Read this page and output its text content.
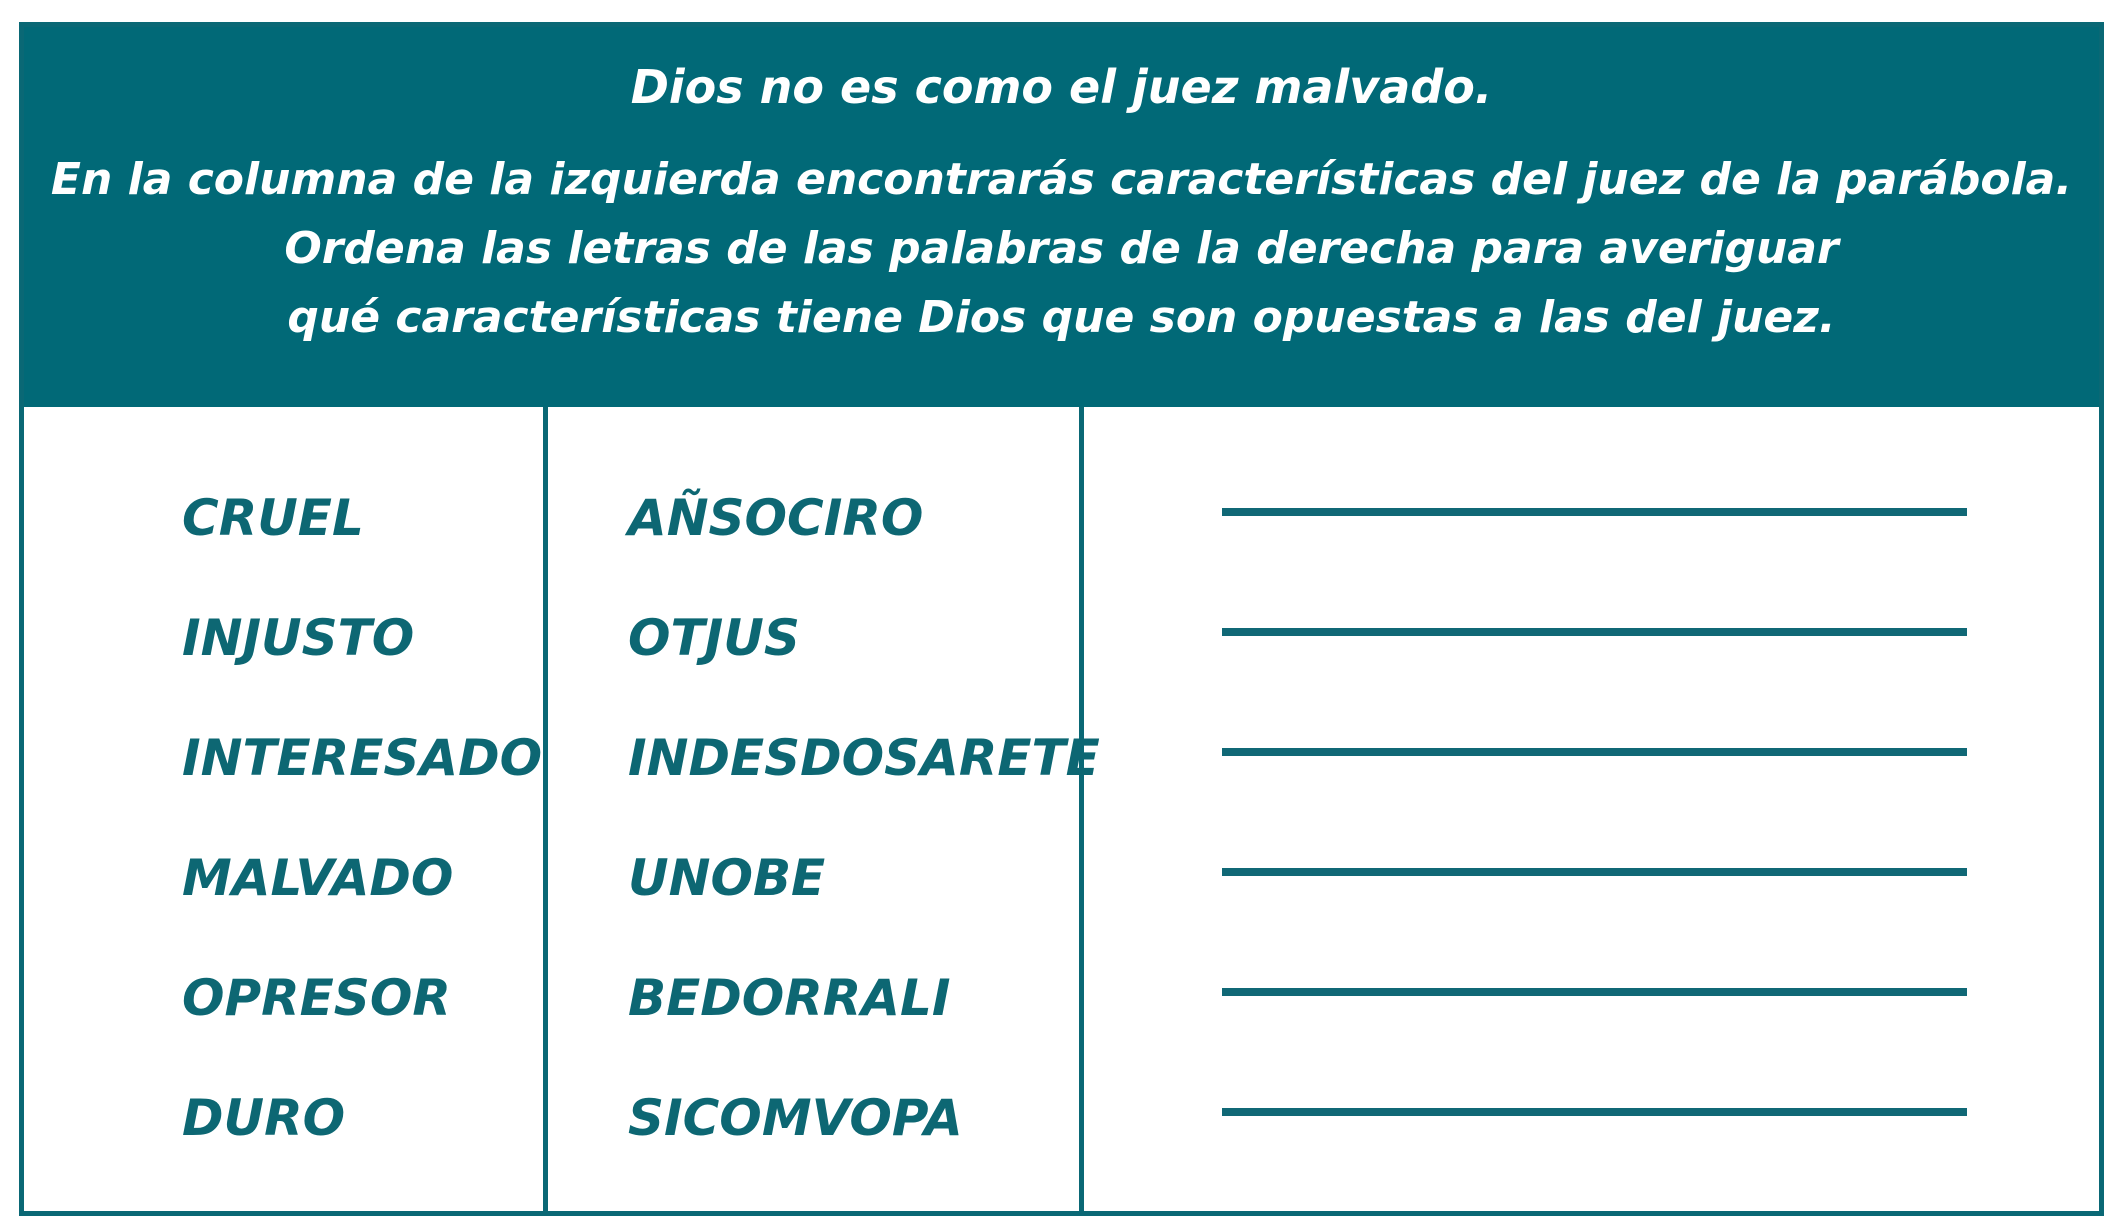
Dios no es como el juez malvado.
En la columna de la izquierda encontrarás características del juez de la parábola.
Ordena las letras de las palabras de la derecha para averiguar
qué características tiene Dios que son opuestas a las del juez.
CRUEL	AÑSOCIRO
INJUSTO	OTJUS
INTERESADO INDESDOSARETE
MALVADO	UNOBE
OPRESOR	BEDORRALI
DURO	SICOMVOPA
